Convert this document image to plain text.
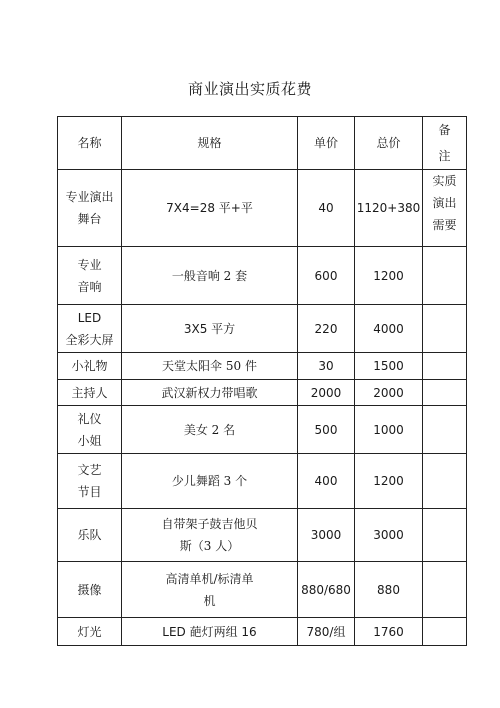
商业演出实质花费
名称	规格	单价	总价	备
注
专业演出
舞台	7X4=28 平+平	40	1120+380	实质
演出
需要
专业
音响	一般音响 2 套	600	1200	
LED
全彩大屏	3X5 平方	220	4000	
小礼物	天堂太阳伞 50 件	30	1500	
主持人	武汉新权力带唱歌	2000	2000	
礼仪
小姐	美女 2 名	500	1000	
文艺
节目	少儿舞蹈 3 个	400	1200	
乐队	自带架子鼓吉他贝
斯（3 人）	3000	3000	
摄像	高清单机/标清单
机	880/680	880	
灯光	LED 葩灯两组 16	780/组	1760	
